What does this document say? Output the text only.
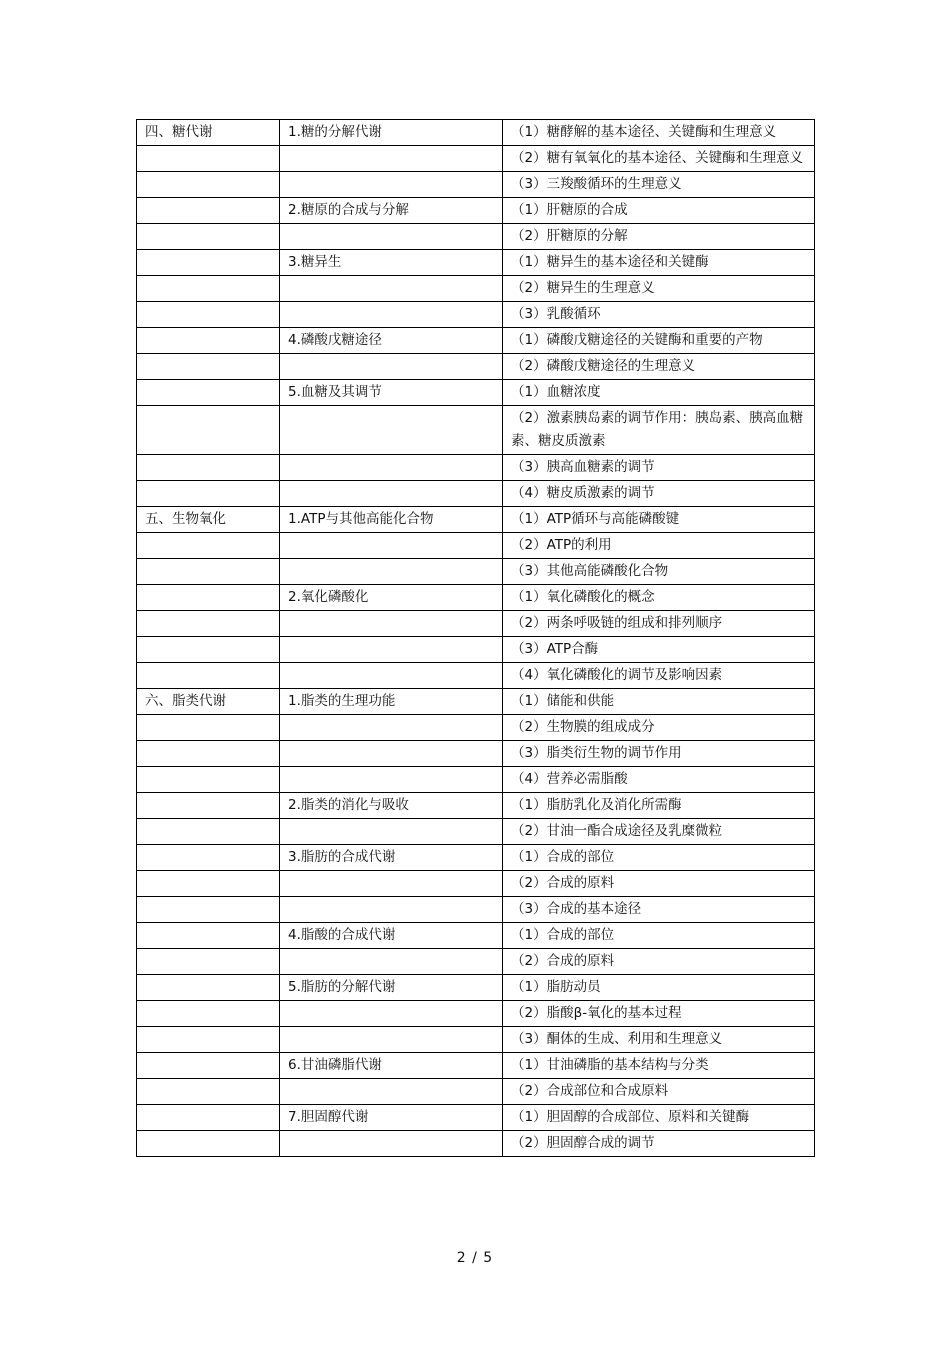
四、糖代谢	1.糖的分解代谢	（1）糖酵解的基本途径、关键酶和生理意义
		（2）糖有氧氧化的基本途径、关键酶和生理意义
		（3）三羧酸循环的生理意义
	2.糖原的合成与分解	（1）肝糖原的合成
		（2）肝糖原的分解
	3.糖异生	（1）糖异生的基本途径和关键酶
		（2）糖异生的生理意义
		（3）乳酸循环
	4.磷酸戊糖途径	（1）磷酸戊糖途径的关键酶和重要的产物
		（2）磷酸戊糖途径的生理意义
	5.血糖及其调节	（1）血糖浓度
		（2）激素胰岛素的调节作用：胰岛素、胰高血糖素、糖皮质激素
		（3）胰高血糖素的调节
		（4）糖皮质激素的调节
五、生物氧化	1.ATP与其他高能化合物	（1）ATP循环与高能磷酸键
		（2）ATP的利用
		（3）其他高能磷酸化合物
	2.氧化磷酸化	（1）氧化磷酸化的概念
		（2）两条呼吸链的组成和排列顺序
		（3）ATP合酶
		（4）氧化磷酸化的调节及影响因素
六、脂类代谢	1.脂类的生理功能	（1）储能和供能
		（2）生物膜的组成成分
		（3）脂类衍生物的调节作用
		（4）营养必需脂酸
	2.脂类的消化与吸收	（1）脂肪乳化及消化所需酶
		（2）甘油一酯合成途径及乳糜微粒
	3.脂肪的合成代谢	（1）合成的部位
		（2）合成的原料
		（3）合成的基本途径
	4.脂酸的合成代谢	（1）合成的部位
		（2）合成的原料
	5.脂肪的分解代谢	（1）脂肪动员
		（2）脂酸β-氧化的基本过程
		（3）酮体的生成、利用和生理意义
	6.甘油磷脂代谢	（1）甘油磷脂的基本结构与分类
		（2）合成部位和合成原料
	7.胆固醇代谢	（1）胆固醇的合成部位、原料和关键酶
		（2）胆固醇合成的调节
2 / 5
